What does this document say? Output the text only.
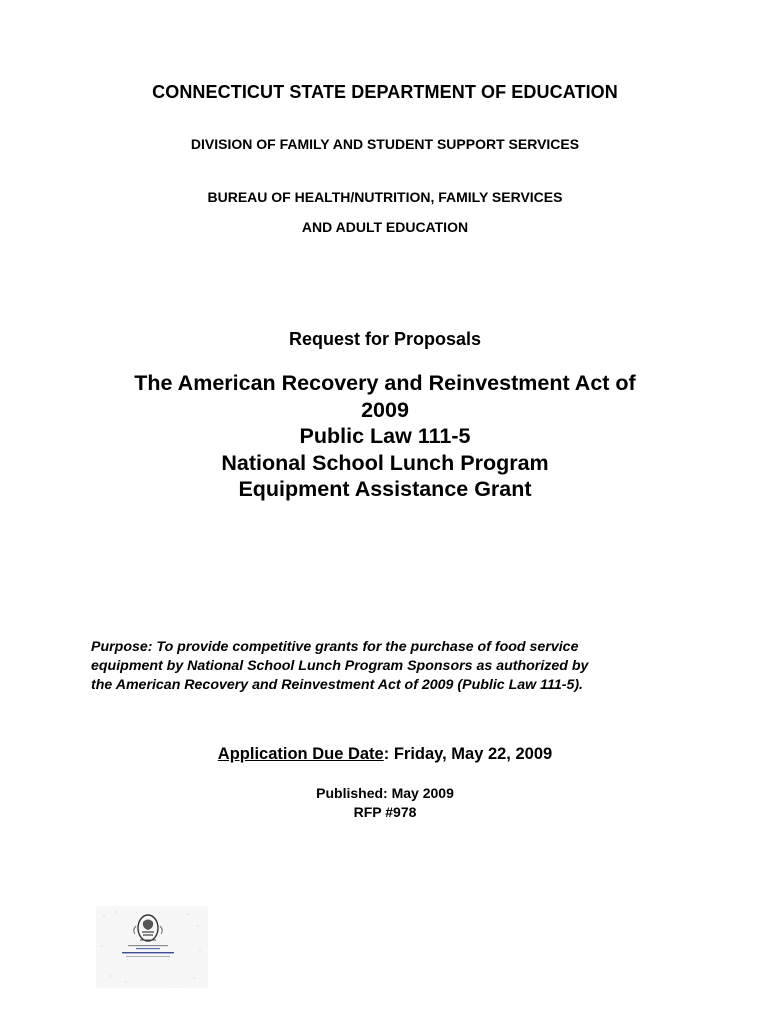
CONNECTICUT STATE DEPARTMENT OF EDUCATION

DIVISION OF FAMILY AND STUDENT SUPPORT SERVICES

BUREAU OF HEALTH/NUTRITION, FAMILY SERVICES

AND ADULT EDUCATION

Request for Proposals

The American Recovery and Reinvestment Act of
2009
Public Law 111-5
National School Lunch Program
Equipment Assistance Grant
Purpose: To provide competitive grants for the purchase of food service
equipment by National School Lunch Program Sponsors as authorized by
the American Recovery and Reinvestment Act of 2009 (Public Law 111-5).
Application Due Date: Friday, May 22, 2009

Published: May 2009

RFP #978
